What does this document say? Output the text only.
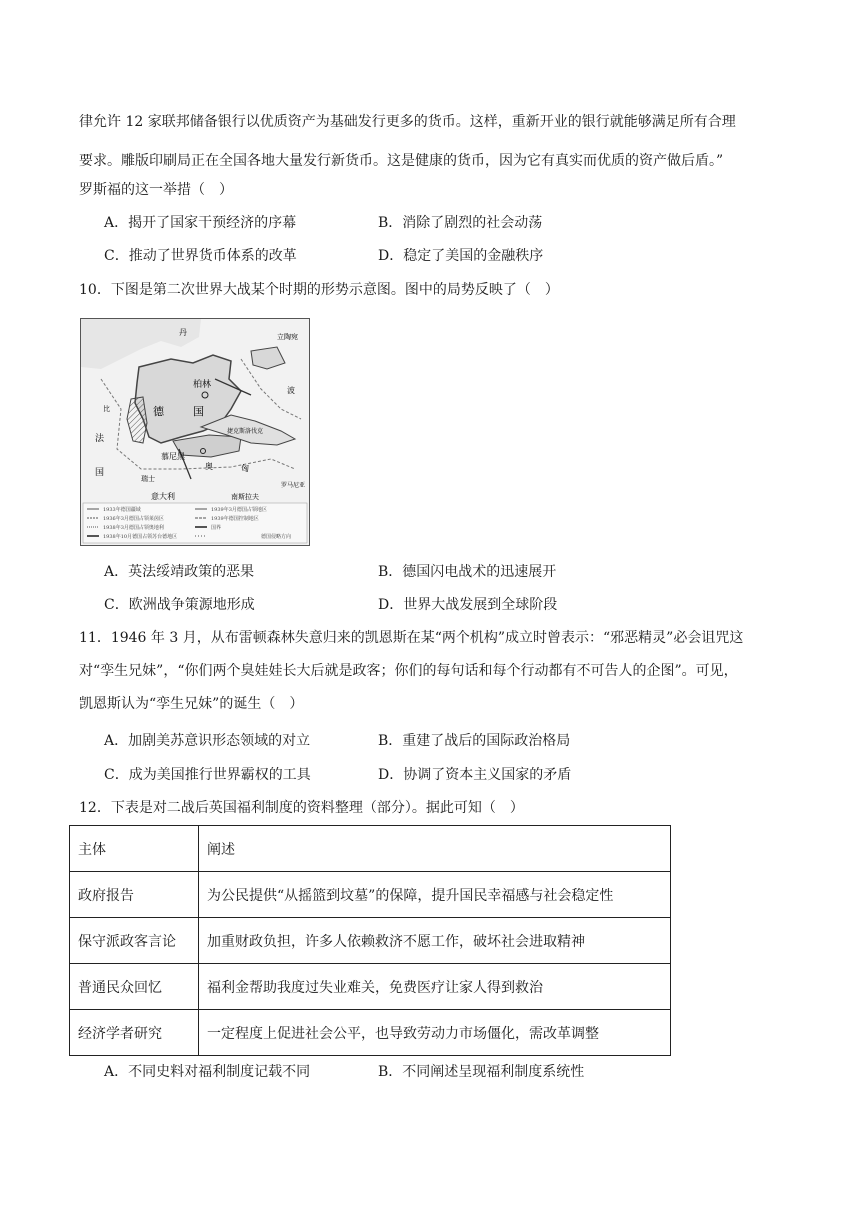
律允许 12 家联邦储备银行以优质资产为基础发行更多的货币。这样，重新开业的银行就能够满足所有合理
要求。雕版印刷局正在全国各地大量发行新货币。这是健康的货币，因为它有真实而优质的资产做后盾。”
罗斯福的这一举措（　）
A．揭开了国家干预经济的序幕	B．消除了剧烈的社会动荡
C．推动了世界货币体系的改革	D．稳定了美国的金融秩序
10．下图是第二次世界大战某个时期的形势示意图。图中的局势反映了（　）
柏林
德	国
丹	立陶宛
波
法
国
比
慕尼黑
奥
瑞士
捷克斯洛伐克
匈
罗马尼亚
意大利	南斯拉夫
1933年德国疆域
1936年3月德国占领莱茵区
1938年3月德国占领奥地利
1938年10月德国占领苏台德地区
1939年3月德国占领地区
1939年德国控制地区
国界
德国侵略方向
A．英法绥靖政策的恶果	B．德国闪电战术的迅速展开
C．欧洲战争策源地形成	D．世界大战发展到全球阶段
11．1946 年 3 月，从布雷顿森林失意归来的凯恩斯在某“两个机构”成立时曾表示：“邪恶精灵”必会诅咒这
对“孪生兄妹”，“你们两个臭娃娃长大后就是政客；你们的每句话和每个行动都有不可告人的企图”。可见，
凯恩斯认为“孪生兄妹”的诞生（　）
A．加剧美苏意识形态领域的对立	B．重建了战后的国际政治格局
C．成为美国推行世界霸权的工具	D．协调了资本主义国家的矛盾
12．下表是对二战后英国福利制度的资料整理（部分）。据此可知（　）
主体	阐述
政府报告	为公民提供“从摇篮到坟墓”的保障，提升国民幸福感与社会稳定性
保守派政客言论	加重财政负担，许多人依赖救济不愿工作，破坏社会进取精神
普通民众回忆	福利金帮助我度过失业难关，免费医疗让家人得到救治
经济学者研究	一定程度上促进社会公平，也导致劳动力市场僵化，需改革调整
A．不同史料对福利制度记载不同	B．不同阐述呈现福利制度系统性
